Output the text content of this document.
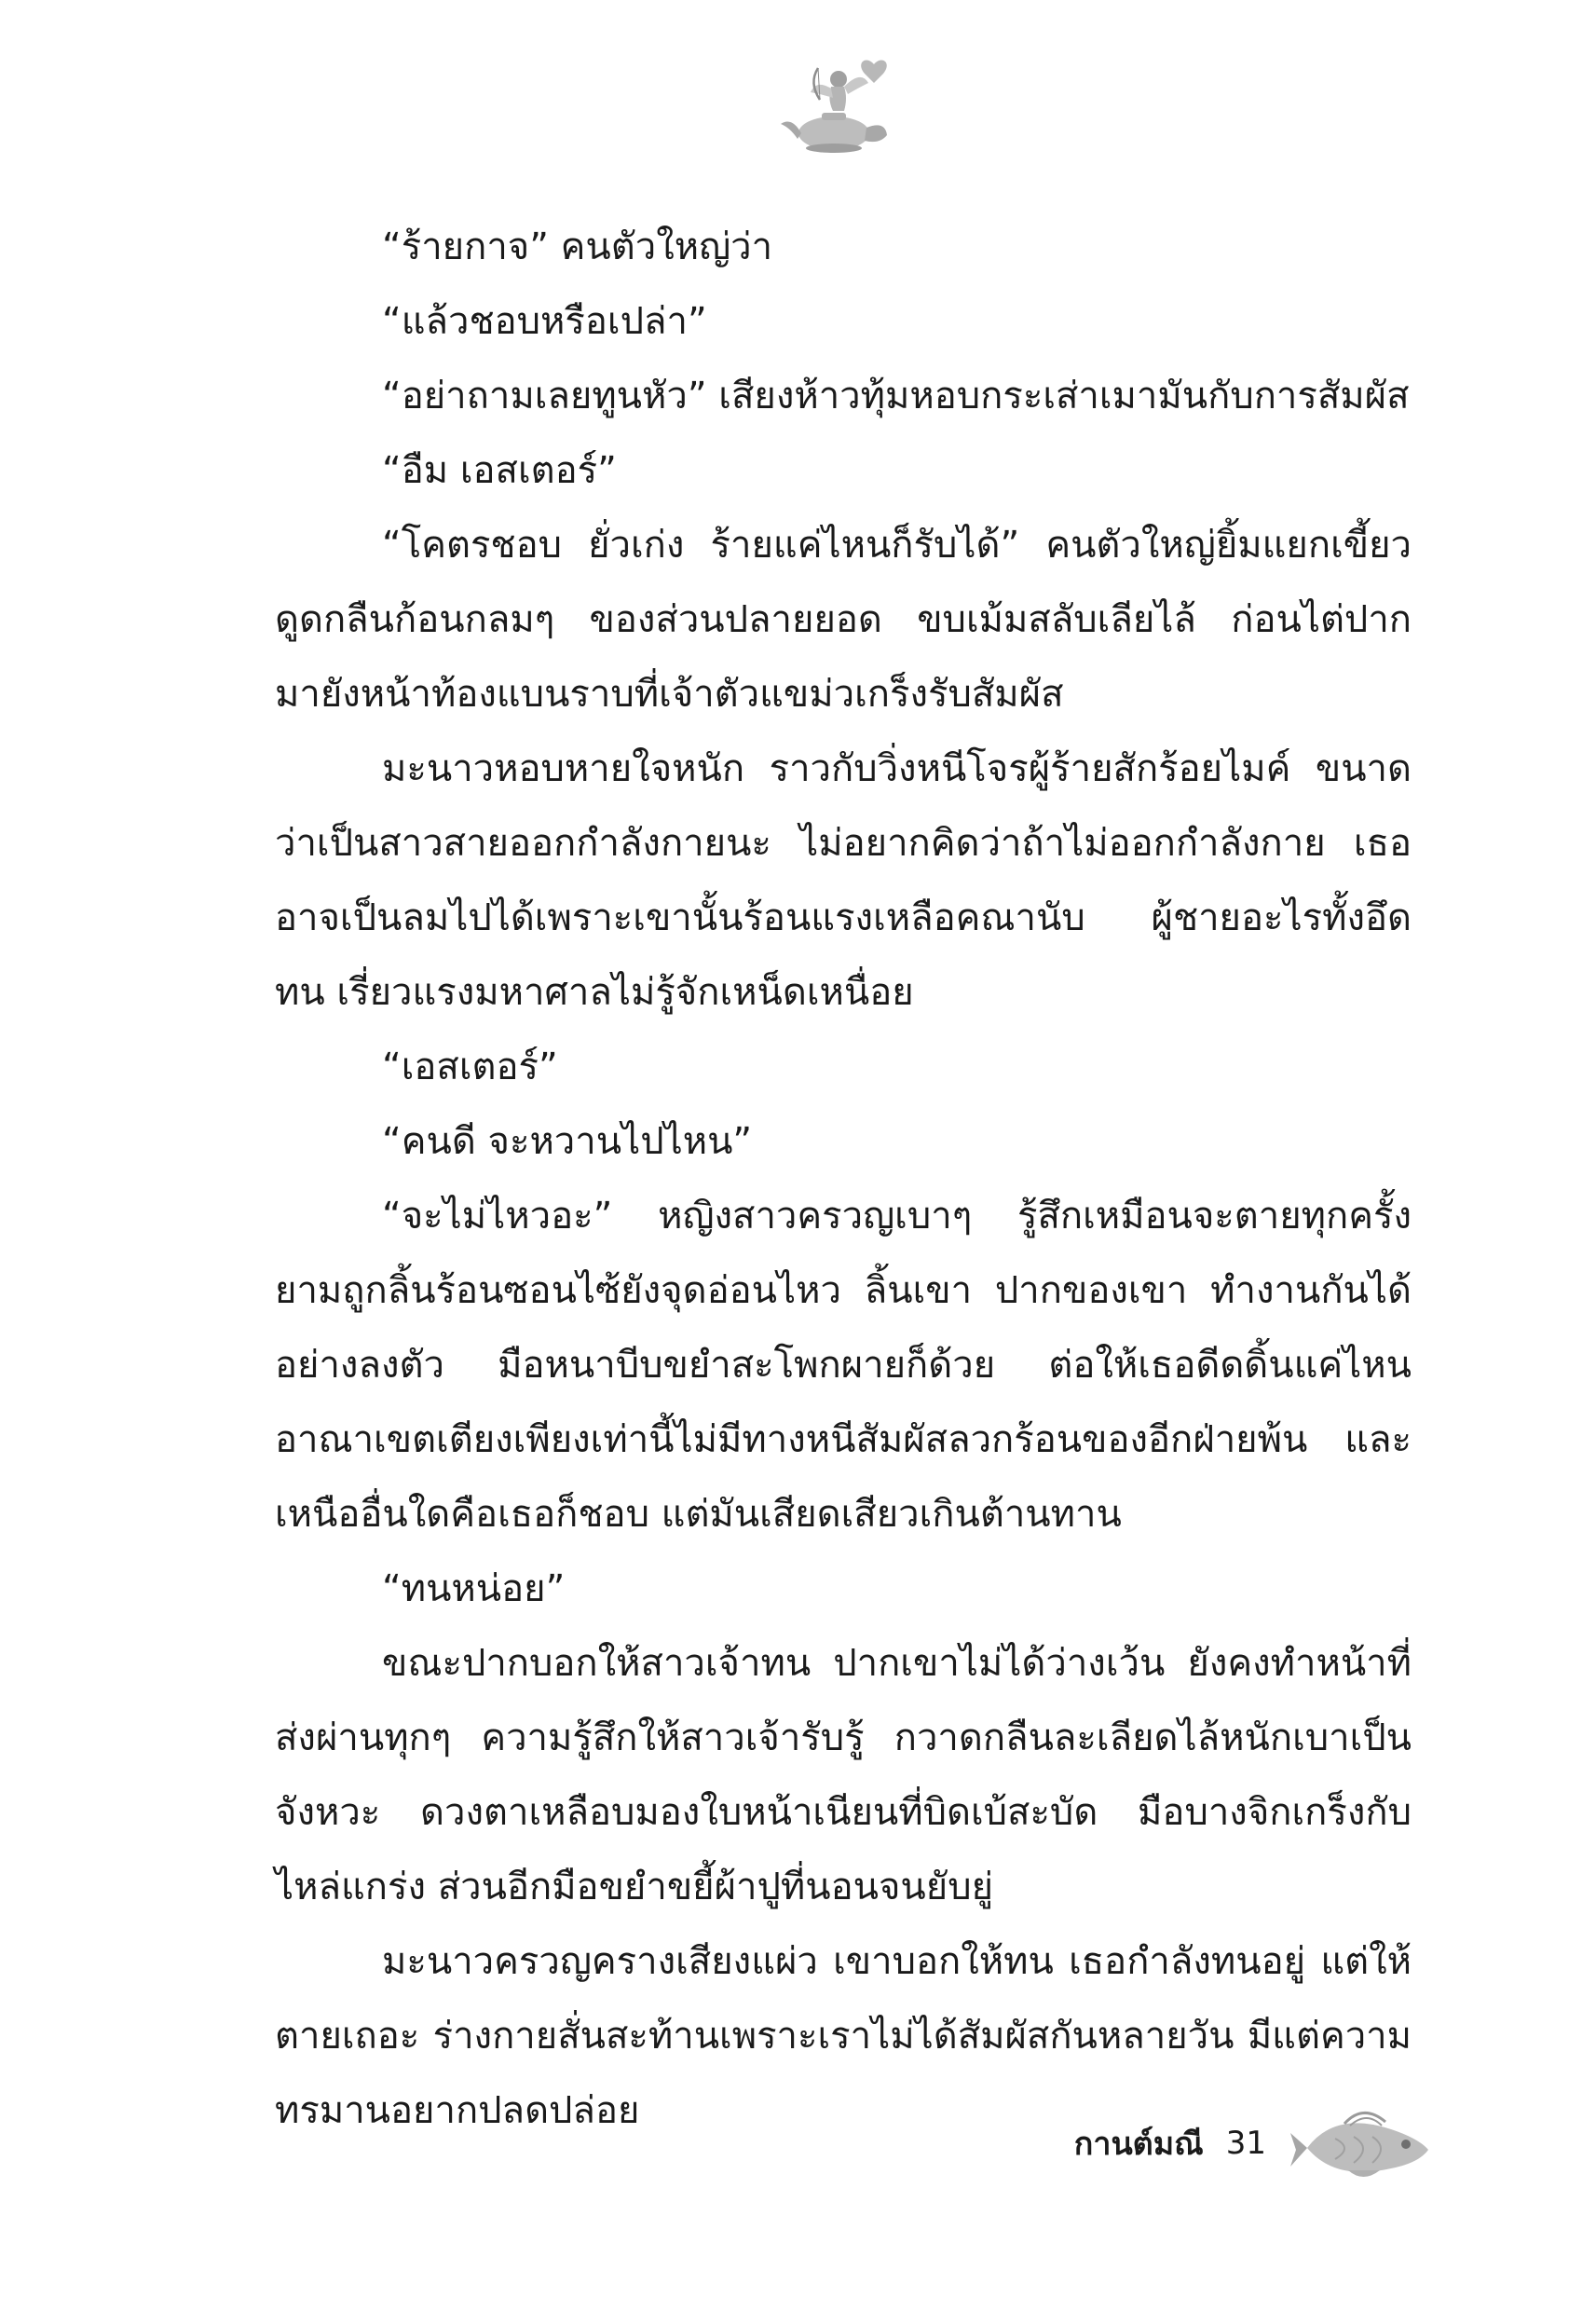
“ร้ายกาจ” คนตัวใหญ่ว่า

“แล้วชอบหรือเปล่า”

“อย่าถามเลยทูนหัว” เสียงห้าวทุ้มหอบกระเส่าเมามันกับการสัมผัส

“อืม เอสเตอร์”

“โคตรชอบ ยั่วเก่ง ร้ายแค่ไหนก็รับได้” คนตัวใหญ่ยิ้มแยกเขี้ยว ดูดกลืนก้อนกลมๆ ของส่วนปลายยอด ขบเม้มสลับเลียไล้ ก่อนไต่ปากมายังหน้าท้องแบนราบที่เจ้าตัวแขม่วเกร็งรับสัมผัส

มะนาวหอบหายใจหนัก ราวกับวิ่งหนีโจรผู้ร้ายสักร้อยไมค์ ขนาดว่าเป็นสาวสายออกกำลังกายนะ ไม่อยากคิดว่าถ้าไม่ออกกำลังกาย เธออาจเป็นลมไปได้เพราะเขานั้นร้อนแรงเหลือคณานับ ผู้ชายอะไรทั้งอึด ทน เรี่ยวแรงมหาศาลไม่รู้จักเหน็ดเหนื่อย

“เอสเตอร์”

“คนดี จะหวานไปไหน”

“จะไม่ไหวอะ” หญิงสาวครวญเบาๆ รู้สึกเหมือนจะตายทุกครั้ง ยามถูกลิ้นร้อนซอนไซ้ยังจุดอ่อนไหว ลิ้นเขา ปากของเขา ทำงานกันได้อย่างลงตัว มือหนาบีบขยำสะโพกผายก็ด้วย ต่อให้เธอดีดดิ้นแค่ไหน อาณาเขตเตียงเพียงเท่านี้ไม่มีทางหนีสัมผัสลวกร้อนของอีกฝ่ายพ้น และเหนืออื่นใดคือเธอก็ชอบ แต่มันเสียดเสียวเกินต้านทาน

“ทนหน่อย”

ขณะปากบอกให้สาวเจ้าทน ปากเขาไม่ได้ว่างเว้น ยังคงทำหน้าที่ส่งผ่านทุกๆ ความรู้สึกให้สาวเจ้ารับรู้ กวาดกลืนละเลียดไล้หนักเบาเป็นจังหวะ ดวงตาเหลือบมองใบหน้าเนียนที่บิดเบ้สะบัด มือบางจิกเกร็งกับไหล่แกร่ง ส่วนอีกมือขยำขยี้ผ้าปูที่นอนจนยับยู่

มะนาวครวญครางเสียงแผ่ว เขาบอกให้ทน เธอกำลังทนอยู่ แต่ให้ตายเถอะ ร่างกายสั่นสะท้านเพราะเราไม่ได้สัมผัสกันหลายวัน มีแต่ความทรมานอยากปลดปล่อย

กานต์มณี 31
